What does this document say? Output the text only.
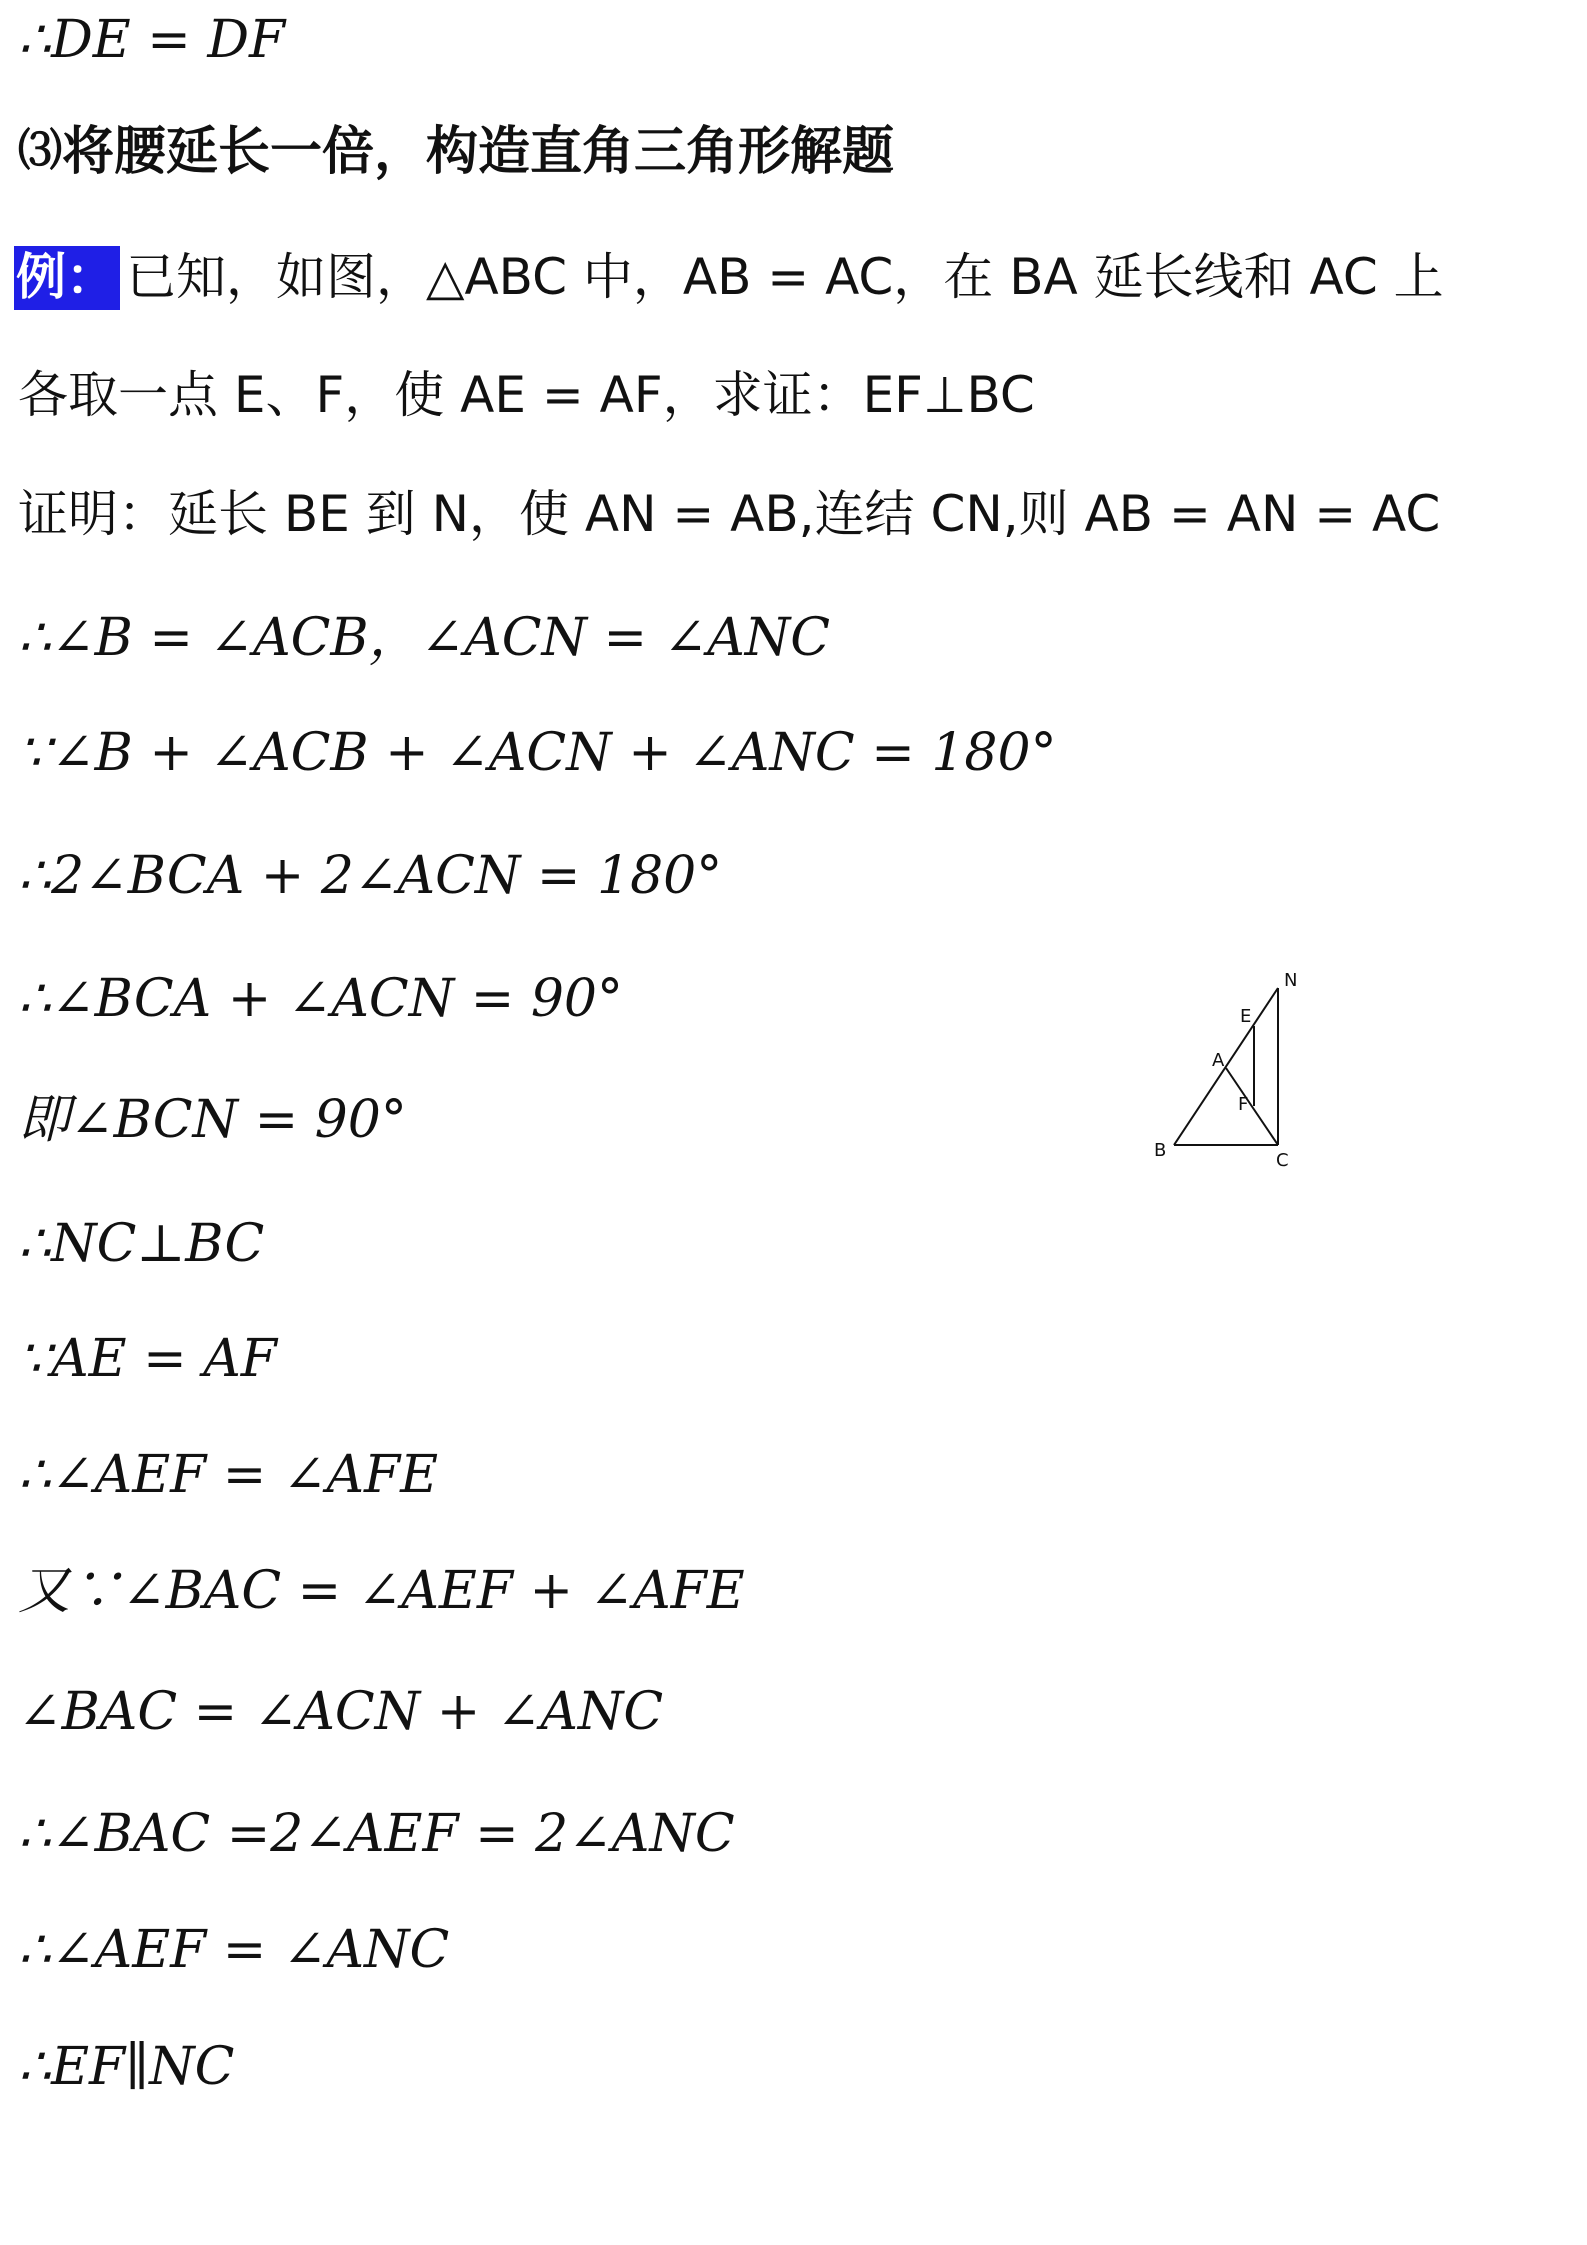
∴DE = DF
⑶将腰延长一倍，构造直角三角形解题
例： 已知，如图，△ABC 中，AB = AC，在 BA 延长线和 AC 上
各取一点 E、F，使 AE = AF，求证：EF⊥BC
证明：延长 BE 到 N，使 AN = AB,连结 CN,则 AB = AN = AC
∴∠B = ∠ACB，∠ACN = ∠ANC
∵∠B + ∠ACB + ∠ACN + ∠ANC = 180°
∴2∠BCA + 2∠ACN = 180°
∴∠BCA + ∠ACN = 90°
即∠BCN = 90°
∴NC⊥BC
∵AE = AF
∴∠AEF = ∠AFE
又∵∠BAC = ∠AEF + ∠AFE
∠BAC = ∠ACN + ∠ANC
∴∠BAC =2∠AEF = 2∠ANC
∴∠AEF = ∠ANC
∴EF∥NC
N
E
A
F
B	C
